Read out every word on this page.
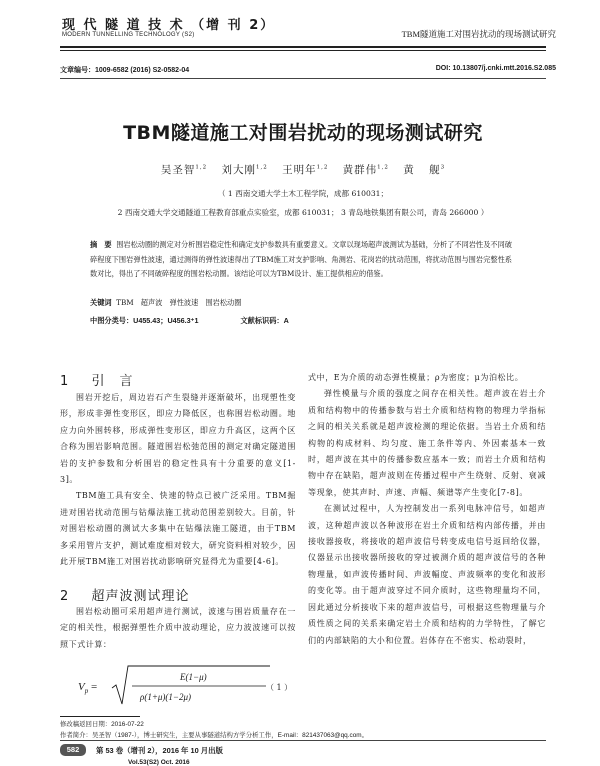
现 代 隧 道 技 术 （增 刊 2）
MODERN TUNNELLING TECHNOLOGY (S2)	TBM隧道施工对围岩扰动的现场测试研究
文章编号：1009-6582 (2016) S2-0582-04	DOI: 10.13807/j.cnki.mtt.2016.S2.085
TBM隧道施工对围岩扰动的现场测试研究
吴圣智$^{1,2}$ 刘大刚$^{1,2}$ 王明年$^{1,2}$ 黄群伟$^{1,2}$ 黄 舰$^3$
（ 1 西南交通大学土木工程学院，成都 610031；
2 西南交通大学交通隧道工程教育部重点实验室，成都 610031； 3 青岛地铁集团有限公司，青岛 266000 ）
摘　要 围岩松动圈的测定对分析围岩稳定性和确定支护参数具有重要意义。文章以现场超声波测试为基础，分析了不同岩性及不同破碎程度下围岩弹性波速，通过测得的弹性波速得出了TBM施工对支护影响、角测岩、花岗岩的扰动范围，将扰动范围与围岩完整性系数对比，得出了不同破碎程度的围岩松动圈。该结论可以为TBM设计、施工提供相应的借鉴。
关键词 TBM　超声波　弹性波速　围岩松动圈
中图分类号：U455.43；U456.3⁺1	文献标识码：A
1 引　言

围岩开挖后，周边岩石产生裂缝并逐渐破坏，出现塑性变形，形成非弹性变形区，即应力降低区，也称围岩松动圈。地应力向外围转移，形成弹性变形区，即应力升高区，这两个区合称为围岩影响范围。隧道围岩松弛范围的测定对确定隧道围岩的支护参数和分析围岩的稳定性具有十分重要的意义[1-3]。

TBM施工具有安全、快速的特点已被广泛采用。TBM掘进对围岩扰动范围与钻爆法施工扰动范围差别较大。目前，针对围岩松动圈的测试大多集中在钻爆法施工隧道，由于TBM多采用管片支护，测试难度相对较大，研究资料相对较少，因此开展TBM施工对围岩扰动影响研究显得尤为重要[4-6]。

2 超声波测试理论

围岩松动圈可采用超声进行测试，波速与围岩质量存在一定的相关性，根据弹塑性介质中波动理论，应力波波速可以按照下式计算：

$V_p$ =
E(1−μ)
ρ(1+μ)(1−2μ)
（ 1 ）

式中，E为介质的动态弹性模量；ρ为密度；μ为泊松比。

弹性模量与介质的强度之间存在相关性。超声波在岩土介质和结构物中的传播参数与岩土介质和结构物的物理力学指标之间的相关关系就是超声波检测的理论依据。当岩土介质和结构物的构成材料、均匀度、施工条件等内、外因素基本一致时，超声波在其中的传播参数应基本一致；而岩土介质和结构物中存在缺陷，超声波则在传播过程中产生绕射、反射、衰减等现象，使其声时、声速、声幅、频谱等产生变化[7-8]。

在测试过程中，人为控制发出一系列电脉冲信号，如超声波，这种超声波以各种波形在岩土介质和结构内部传播，并由接收器接收，将接收的超声波信号转变成电信号返回给仪器，仪器显示出接收器所接收的穿过被测介质的超声波信号的各种物理量，如声波传播时间、声波幅度、声波频率的变化和波形的变化等。由于超声波穿过不同介质时，这些物理量均不同，因此通过分析接收下来的超声波信号，可根据这些物理量与介质性质之间的关系来确定岩土介质和结构的力学特性，了解它们的内部缺陷的大小和位置。岩体存在不密实、松动裂时，

修改稿返回日期：2016-07-22
作者简介：吴圣智（1987-），博士研究生，主要从事隧道结构方学分析工作，E-mail：821437063@qq.com。
582	第 53 卷（增刊 2），2016 年 10 月出版
Vol.53(S2) Oct. 2016
